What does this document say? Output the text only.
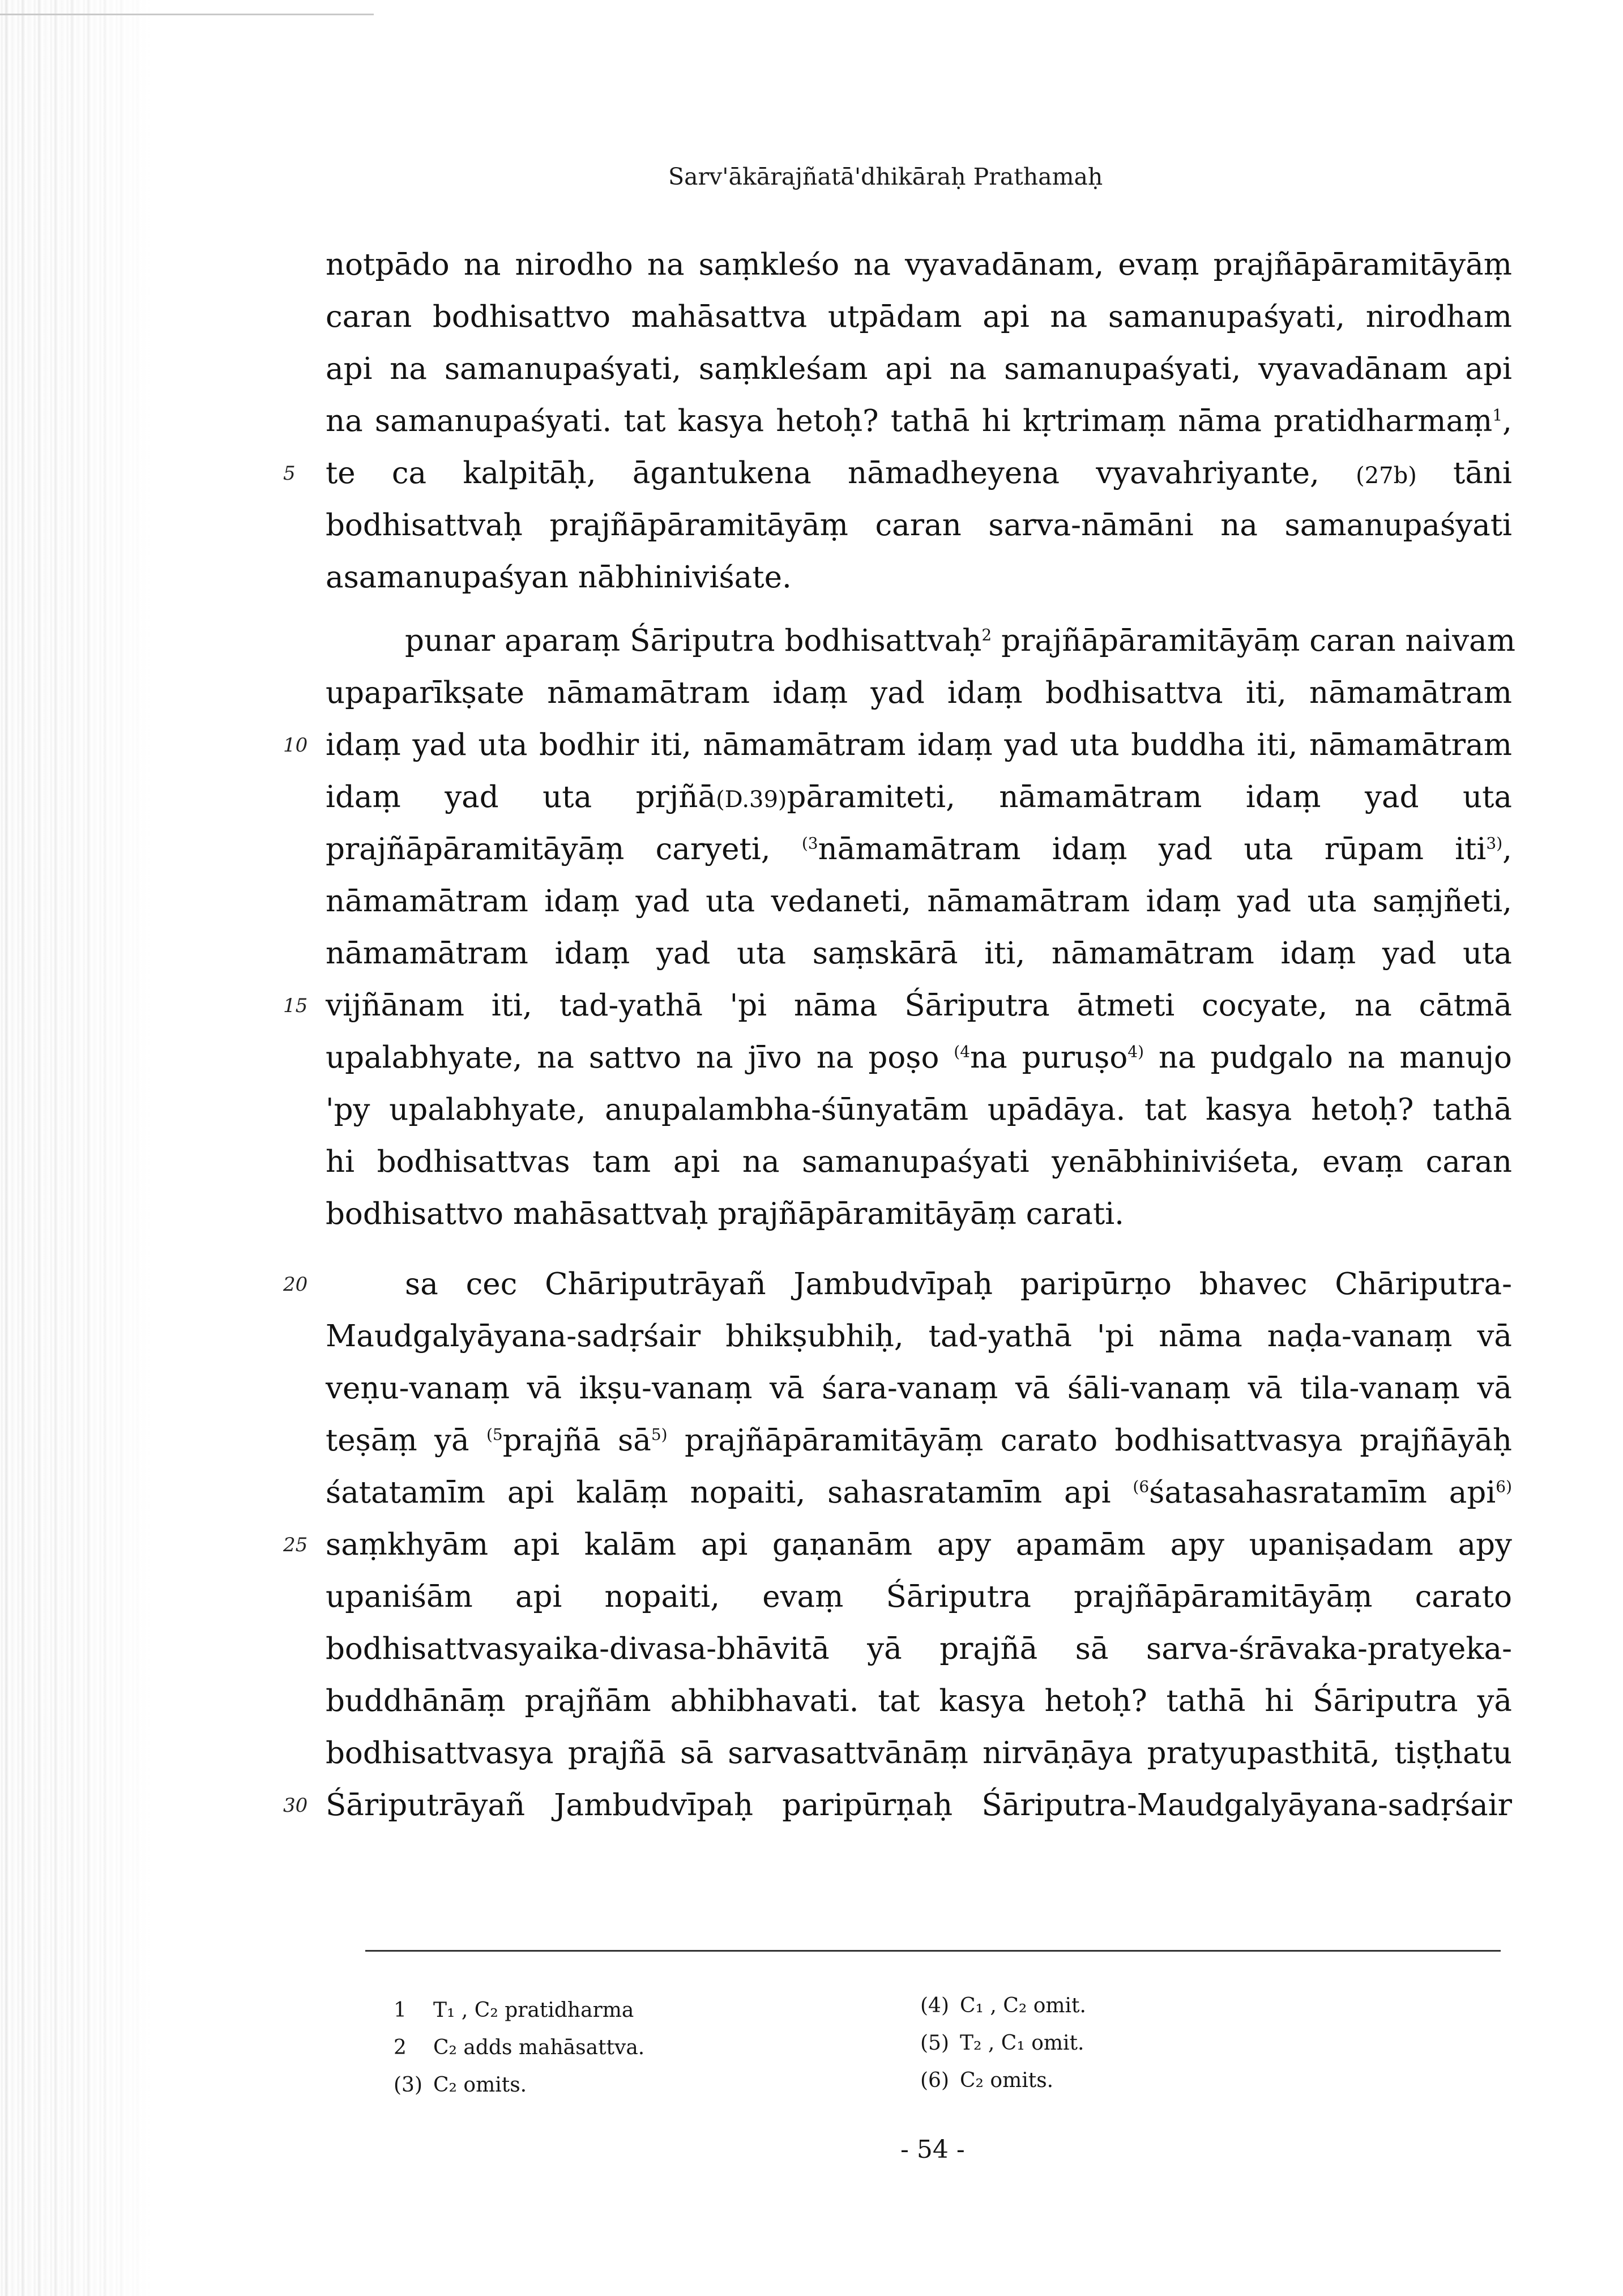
Sarv'ākārajñatā'dhikāraḥ Prathamaḥ
notpādo na nirodho na saṃkleśo na vyavadānam, evaṃ prajñāpāramitāyāṃ
caran bodhisattvo mahāsattva utpādam api na samanupaśyati, nirodham
api na samanupaśyati, saṃkleśam api na samanupaśyati, vyavadānam api
na samanupaśyati. tat kasya hetoḥ? tathā hi kṛtrimaṃ nāma pratidharmaṃ$^1$,
5	te ca kalpitāḥ, āgantukena nāmadheyena vyavahriyante, (27b) tāni
bodhisattvaḥ prajñāpāramitāyāṃ caran sarva-nāmāni na samanupaśyati
asamanupaśyan nābhiniviśate.
punar aparaṃ Śāriputra bodhisattvaḥ$^2$ prajñāpāramitāyāṃ caran naivam
upaparīkṣate nāmamātram idaṃ yad idaṃ bodhisattva iti, nāmamātram
10 idaṃ yad uta bodhir iti, nāmamātram idaṃ yad uta buddha iti, nāmamātram
idaṃ yad uta prjñā(D.39)pāramiteti, nāmamātram idaṃ yad uta
prajñāpāramitāyāṃ caryeti, $^{(3}$nāmamātram idaṃ yad uta rūpam iti$^{3)}$,
nāmamātram idaṃ yad uta vedaneti, nāmamātram idaṃ yad uta saṃjñeti,
nāmamātram idaṃ yad uta saṃskārā iti, nāmamātram idaṃ yad uta
15 vijñānam iti, tad-yathā 'pi nāma Śāriputra ātmeti cocyate, na cātmā
upalabhyate, na sattvo na jīvo na poṣo $^{(4}$na puruṣo$^{4)}$ na pudgalo na manujo
'py upalabhyate, anupalambha-śūnyatām upādāya. tat kasya hetoḥ? tathā
hi bodhisattvas tam api na samanupaśyati yenābhiniviśeta, evaṃ caran
bodhisattvo mahāsattvaḥ prajñāpāramitāyāṃ carati.
20	sa cec Chāriputrāyañ Jambudvīpaḥ paripūrṇo bhavec Chāriputra-
Maudgalyāyana-sadṛśair bhikṣubhiḥ, tad-yathā 'pi nāma naḍa-vanaṃ vā
veṇu-vanaṃ vā ikṣu-vanaṃ vā śara-vanaṃ vā śāli-vanaṃ vā tila-vanaṃ vā
teṣāṃ yā $^{(5}$prajñā $sā^{5)}$ prajñāpāramitāyāṃ carato bodhisattvasya prajñāyāḥ
śatatamīm api kalāṃ nopaiti, sahasratamīm api $^{(6}$śatasahasratamīm api$^{6)}$
25 saṃkhyām api kalām api gaṇanām apy apamām apy upaniṣadam apy
upaniśām api nopaiti, evaṃ Śāriputra prajñāpāramitāyāṃ carato
bodhisattvasyaika-divasa-bhāvitā yā prajñā sā sarva-śrāvaka-pratyeka-
buddhānāṃ prajñām abhibhavati. tat kasya hetoḥ? tathā hi Śāriputra yā
bodhisattvasya prajñā sā sarvasattvānāṃ nirvāṇāya pratyupasthitā, tiṣṭhatu
30 Śāriputrāyañ Jambudvīpaḥ paripūrṇaḥ Śāriputra-Maudgalyāyana-sadṛśair
1 T₁ , C₂ pratidharma
2 C₂ adds mahāsattva.
(3) C₂ omits.
(4) C₁ , C₂ omit.
(5) T₂ , C₁ omit.
(6) C₂ omits.
- 54 -
